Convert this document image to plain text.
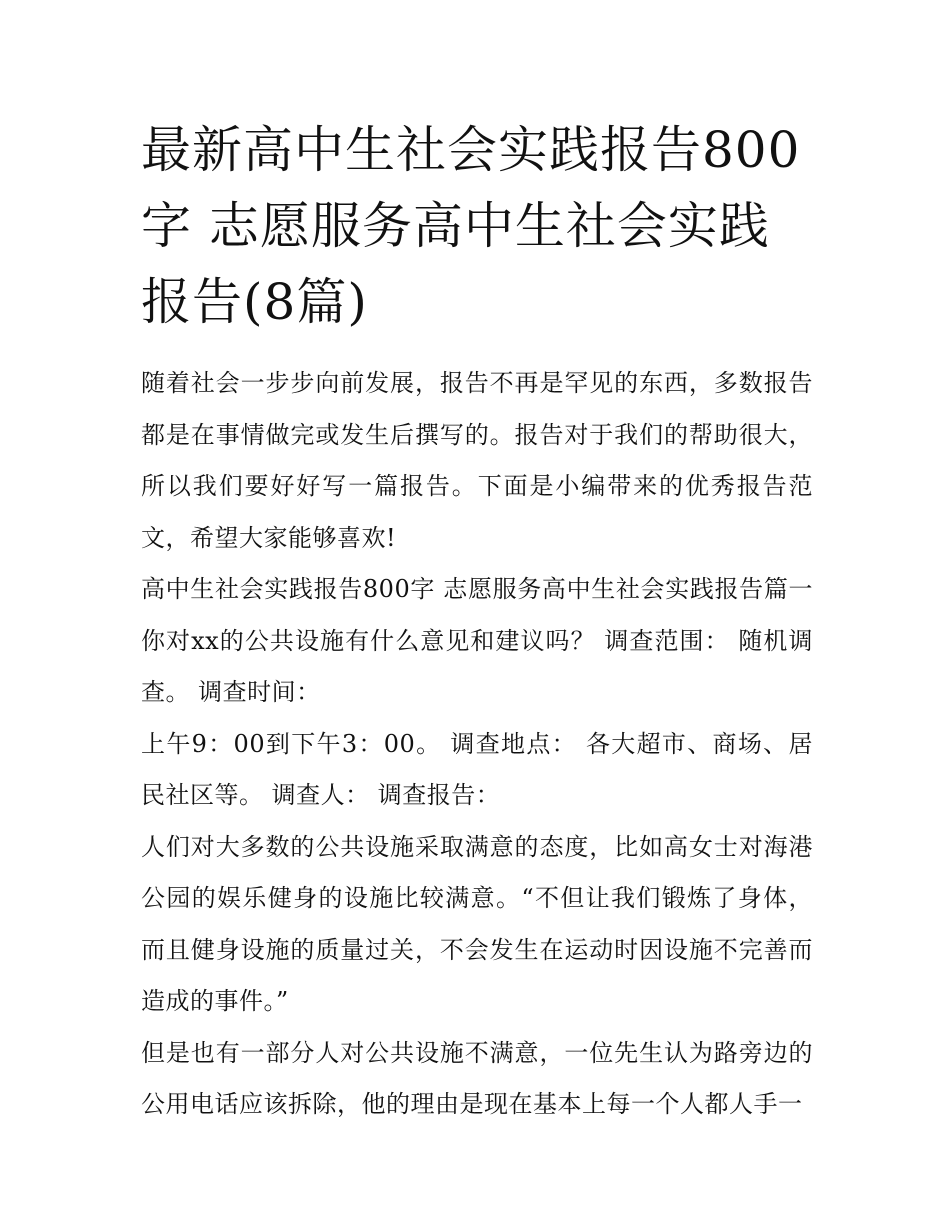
最新高中生社会实践报告800字 志愿服务高中生社会实践报告(8篇)

随着社会一步步向前发展，报告不再是罕见的东西，多数报告都是在事情做完或发生后撰写的。报告对于我们的帮助很大，所以我们要好好写一篇报告。下面是小编带来的优秀报告范文，希望大家能够喜欢!

高中生社会实践报告800字 志愿服务高中生社会实践报告篇一 你对xx的公共设施有什么意见和建议吗？ 调查范围： 随机调查。 调查时间：

上午9：00到下午3：00。 调查地点： 各大超市、商场、居民社区等。 调查人： 调查报告：

人们对大多数的公共设施采取满意的态度，比如高女士对海港公园的娱乐健身的设施比较满意。“不但让我们锻炼了身体，而且健身设施的质量过关，不会发生在运动时因设施不完善而造成的事件。”

但是也有一部分人对公共设施不满意，一位先生认为路旁边的公用电话应该拆除，他的理由是现在基本上每一个人都人手一
